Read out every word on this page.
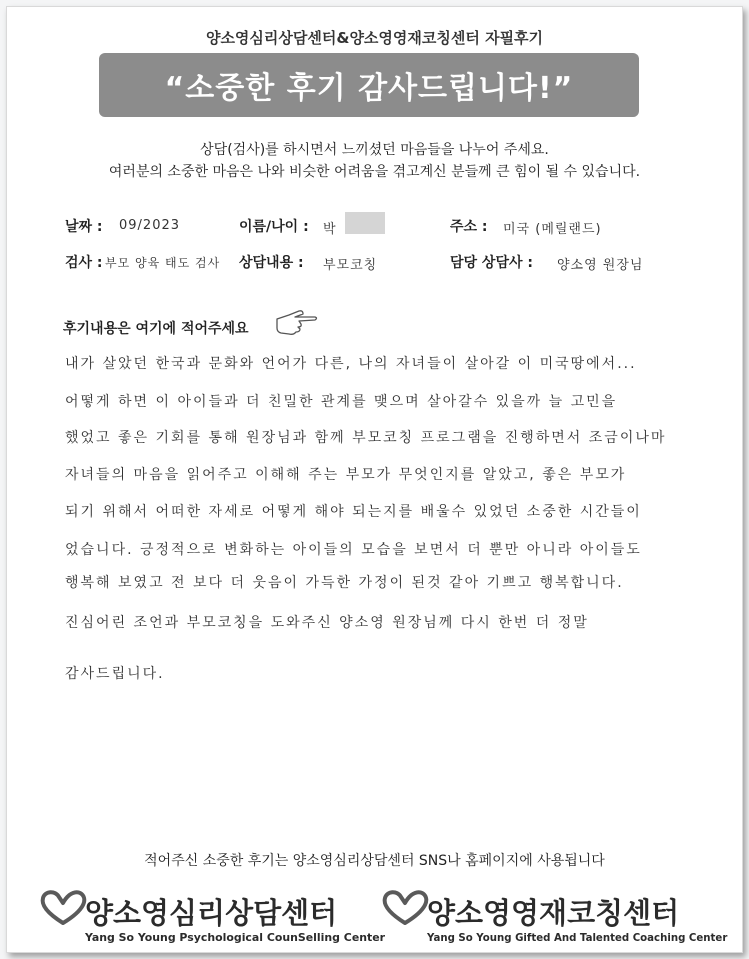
양소영심리상담센터&양소영영재코칭센터 자필후기
“소중한 후기 감사드립니다!”
상담(검사)를 하시면서 느끼셨던 마음들을 나누어 주세요. 여러분의 소중한 마음은 나와 비슷한 어려움을 겪고계신 분들께 큰 힘이 될 수 있습니다.
날짜 : 09/2023	이름/나이 : 박	주소 : 미국 (메릴랜드)
검사 : 부모 양육 태도 검사 상담내용 : 부모코칭	담당 상담사 : 양소영 원장님
후기내용은 여기에 적어주세요
내가 살았던 한국과 문화와 언어가 다른, 나의 자녀들이 살아갈 이 미국땅에서...
어떻게 하면 이 아이들과 더 친밀한 관계를 맺으며 살아갈수 있을까 늘 고민을
했었고 좋은 기회를 통해 원장님과 함께 부모코칭 프로그램을 진행하면서 조금이나마
자녀들의 마음을 읽어주고 이해해 주는 부모가 무엇인지를 알았고, 좋은 부모가
되기 위해서 어떠한 자세로 어떻게 해야 되는지를 배울수 있었던 소중한 시간들이
었습니다. 긍정적으로 변화하는 아이들의 모습을 보면서 더 뿐만 아니라 아이들도
행복해 보였고 전 보다 더 웃음이 가득한 가정이 된것 같아 기쁘고 행복합니다.
진심어린 조언과 부모코칭을 도와주신 양소영 원장님께 다시 한번 더 정말
감사드립니다.
적어주신 소중한 후기는 양소영심리상담센터 SNS나 홈페이지에 사용됩니다
양소영심리상담센터
Yang So Young Psychological CounSelling Center
양소영영재코칭센터
Yang So Young Gifted And Talented Coaching Center
